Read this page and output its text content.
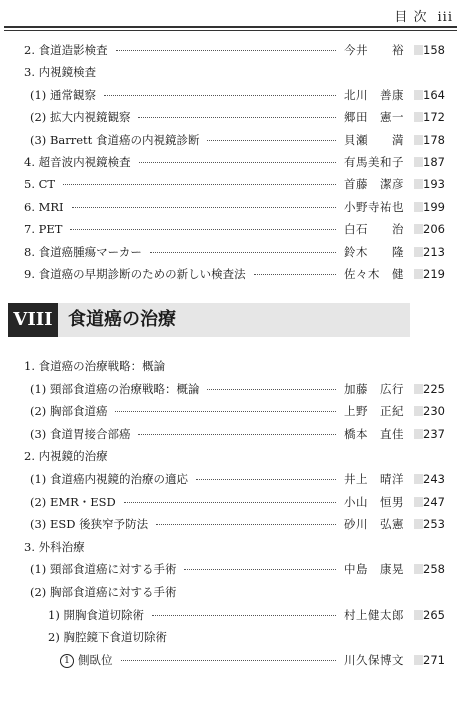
目 次 iii
2. 食道造影検査	今井　　裕 158
3. 内視鏡検査
(1) 通常観察	北川　善康 164
(2) 拡大内視鏡観察	郷田　憲一 172
(3) Barrett 食道癌の内視鏡診断	貝瀬　　満 178
4. 超音波内視鏡検査	有馬美和子 187
5. CT	首藤　潔彦 193
6. MRI	小野寺祐也 199
7. PET	白石　　治 206
8. 食道癌腫瘍マーカー	鈴木　　隆 213
9. 食道癌の早期診断のための新しい検査法	佐々木　健 219
1. 食道癌の治療戦略：概論
(1) 頸部食道癌の治療戦略：概論	加藤　広行 225
(2) 胸部食道癌	上野　正紀 230
(3) 食道胃接合部癌	橋本　直佳 237
2. 内視鏡的治療
(1) 食道癌内視鏡的治療の適応	井上　晴洋 243
(2) EMR・ESD	小山　恒男 247
(3) ESD 後狭窄予防法	砂川　弘憲 253
3. 外科治療
(1) 頸部食道癌に対する手術	中島　康晃 258
(2) 胸部食道癌に対する手術
1) 開胸食道切除術	村上健太郎 265
2) 胸腔鏡下食道切除術
1 側臥位	川久保博文 271
VIII 食道癌の治療
